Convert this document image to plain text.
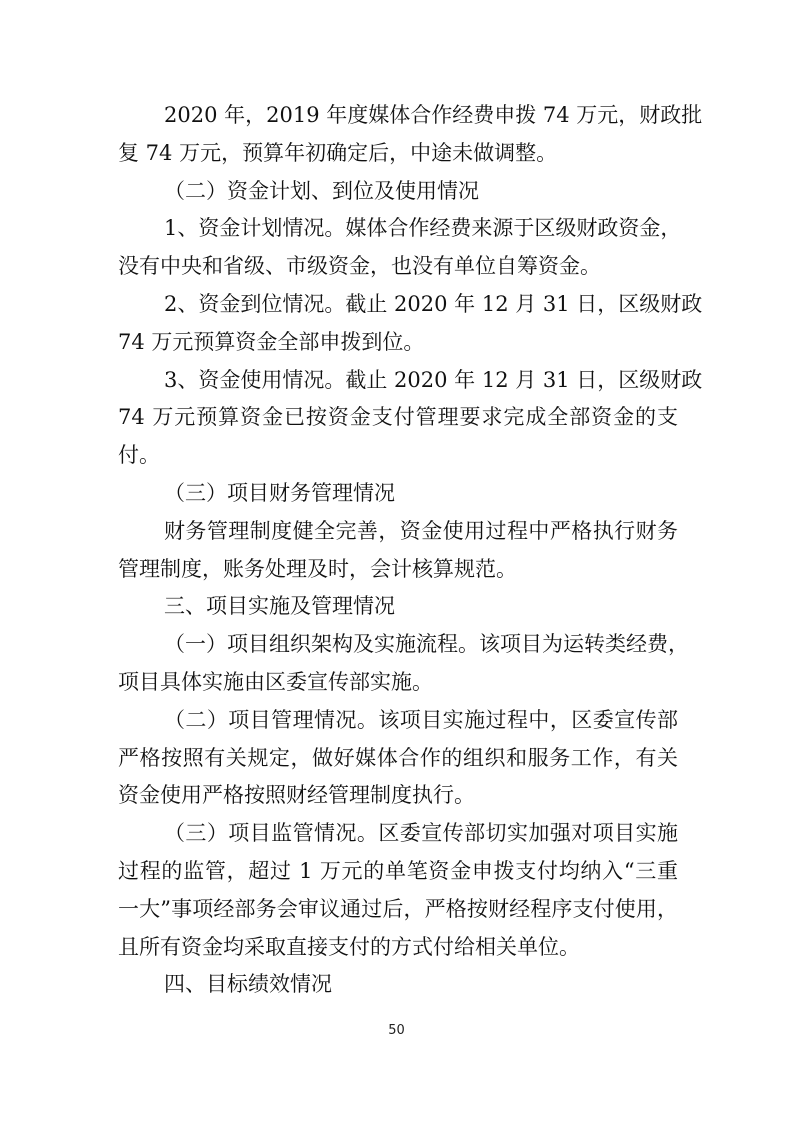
2020 年，2019 年度媒体合作经费申拨 74 万元，财政批
复 74 万元，预算年初确定后，中途未做调整。
（二）资金计划、到位及使用情况
1、资金计划情况。媒体合作经费来源于区级财政资金，
没有中央和省级、市级资金，也没有单位自筹资金。
2、资金到位情况。截止 2020 年 12 月 31 日，区级财政
74 万元预算资金全部申拨到位。
3、资金使用情况。截止 2020 年 12 月 31 日，区级财政
74 万元预算资金已按资金支付管理要求完成全部资金的支
付。
（三）项目财务管理情况
财务管理制度健全完善，资金使用过程中严格执行财务
管理制度，账务处理及时，会计核算规范。
三、项目实施及管理情况
（一）项目组织架构及实施流程。该项目为运转类经费，
项目具体实施由区委宣传部实施。
（二）项目管理情况。该项目实施过程中，区委宣传部
严格按照有关规定，做好媒体合作的组织和服务工作，有关
资金使用严格按照财经管理制度执行。
（三）项目监管情况。区委宣传部切实加强对项目实施
过程的监管，超过 1 万元的单笔资金申拨支付均纳入“三重
一大”事项经部务会审议通过后，严格按财经程序支付使用，
且所有资金均采取直接支付的方式付给相关单位。
四、目标绩效情况
50
